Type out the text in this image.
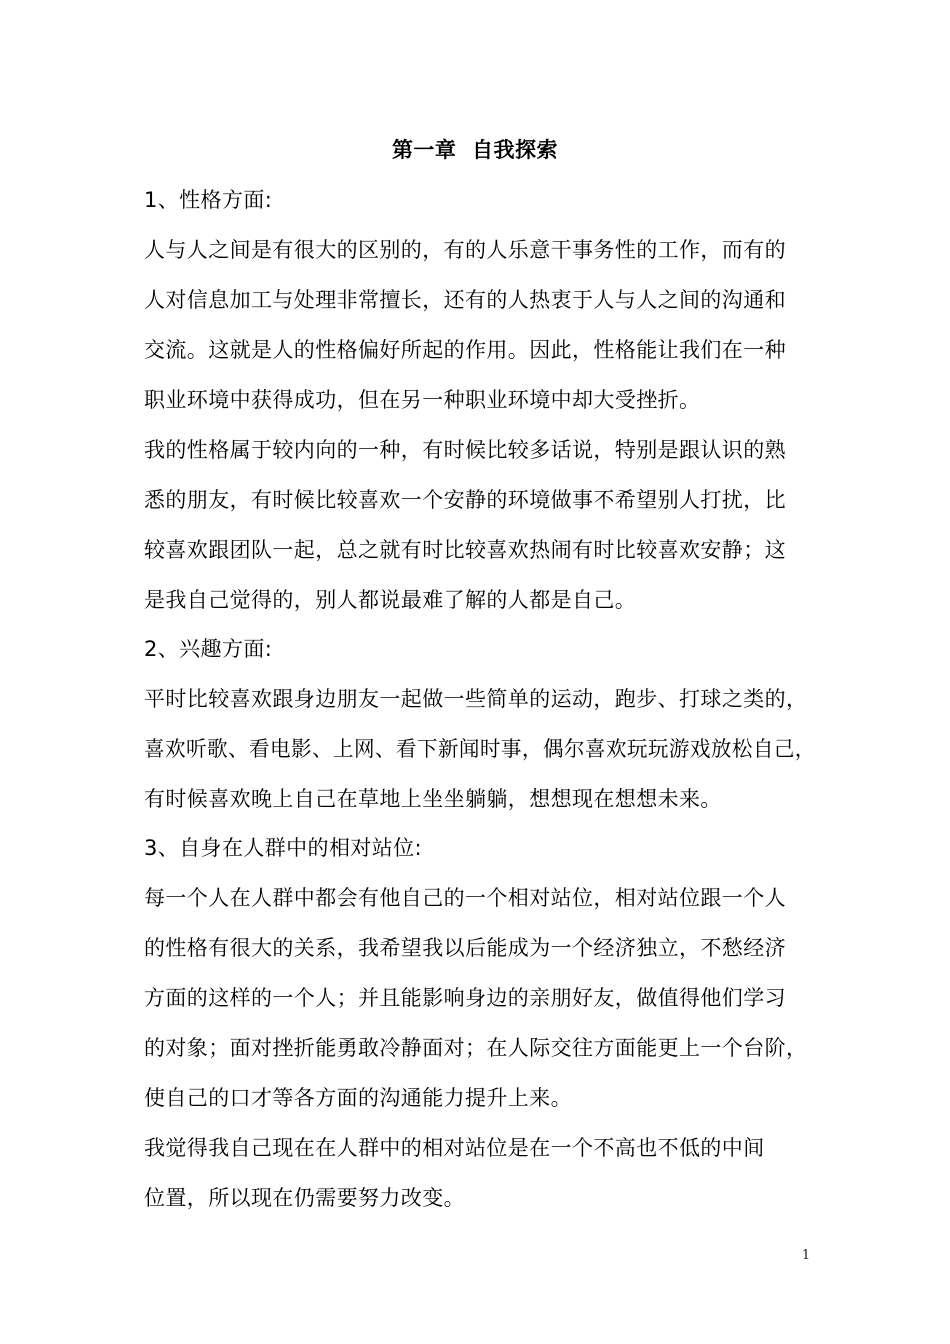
第一章  自我探索
1、性格方面:
人与人之间是有很大的区别的，有的人乐意干事务性的工作，而有的
人对信息加工与处理非常擅长，还有的人热衷于人与人之间的沟通和
交流。这就是人的性格偏好所起的作用。因此，性格能让我们在一种
职业环境中获得成功，但在另一种职业环境中却大受挫折。
我的性格属于较内向的一种，有时候比较多话说，特别是跟认识的熟
悉的朋友，有时候比较喜欢一个安静的环境做事不希望别人打扰，比
较喜欢跟团队一起，总之就有时比较喜欢热闹有时比较喜欢安静；这
是我自己觉得的，别人都说最难了解的人都是自己。
2、兴趣方面:
平时比较喜欢跟身边朋友一起做一些简单的运动，跑步、打球之类的，
喜欢听歌、看电影、上网、看下新闻时事，偶尔喜欢玩玩游戏放松自己，
有时候喜欢晚上自己在草地上坐坐躺躺，想想现在想想未来。
3、自身在人群中的相对站位:
每一个人在人群中都会有他自己的一个相对站位，相对站位跟一个人
的性格有很大的关系，我希望我以后能成为一个经济独立，不愁经济
方面的这样的一个人；并且能影响身边的亲朋好友，做值得他们学习
的对象；面对挫折能勇敢冷静面对；在人际交往方面能更上一个台阶，
使自己的口才等各方面的沟通能力提升上来。
我觉得我自己现在在人群中的相对站位是在一个不高也不低的中间
位置，所以现在仍需要努力改变。
1
